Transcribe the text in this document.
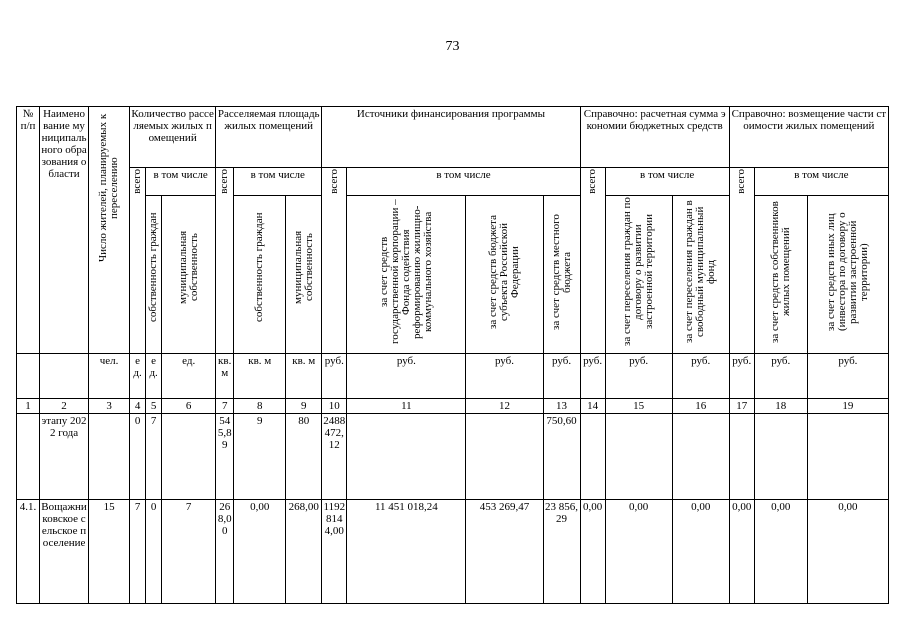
73
№ п/п	Наименование муниципального образования области	Число жителей, планируемых к переселению	Количество расселяемых жилых помещений			Расселяемая площадь жилых помещений			Источники финансирования программы				Справочно: расчетная сумма экономии бюджетных средств			Справочно: возмещение части стоимости жилых помещений		

			всего	в том числе		всего	в том числе		всего	в том числе			всего	в том числе		всего	в том числе	

				собственность граждан	муниципальная собственность		собственность граждан	муниципальная собственность		за счет средств государственной корпорации – Фонда содействия реформированию жилищно-коммунального хозяйства	за счет средств бюджета субъекта Российской Федерации	за счет средств местного бюджета		за счет переселения граждан по договору о развитии застроенной территории	за счет переселения граждан в свободный муниципальный фонд		за счет средств собственников жилых помещений	за счет средств иных лиц (инвестора по договору о развитии застроенной территории)

		чел.	ед.	ед.	ед.	кв.м	кв. м	кв. м	руб.	руб.	руб.	руб.	руб.	руб.	руб.	руб.	руб.	руб.
1	2	3	4	5	6	7	8	9	10	11	12	13	14	15	16	17	18	19
	этапу 2022 года		0	7		545,89	9	80	2488472,12			750,60						
4.1.	Вощажниковское сельское поселение	15	7	0	7	268,00	0,00	268,00	11928144,00	11 451 018,24	453 269,47	23 856,29	0,00	0,00	0,00	0,00	0,00	0,00
